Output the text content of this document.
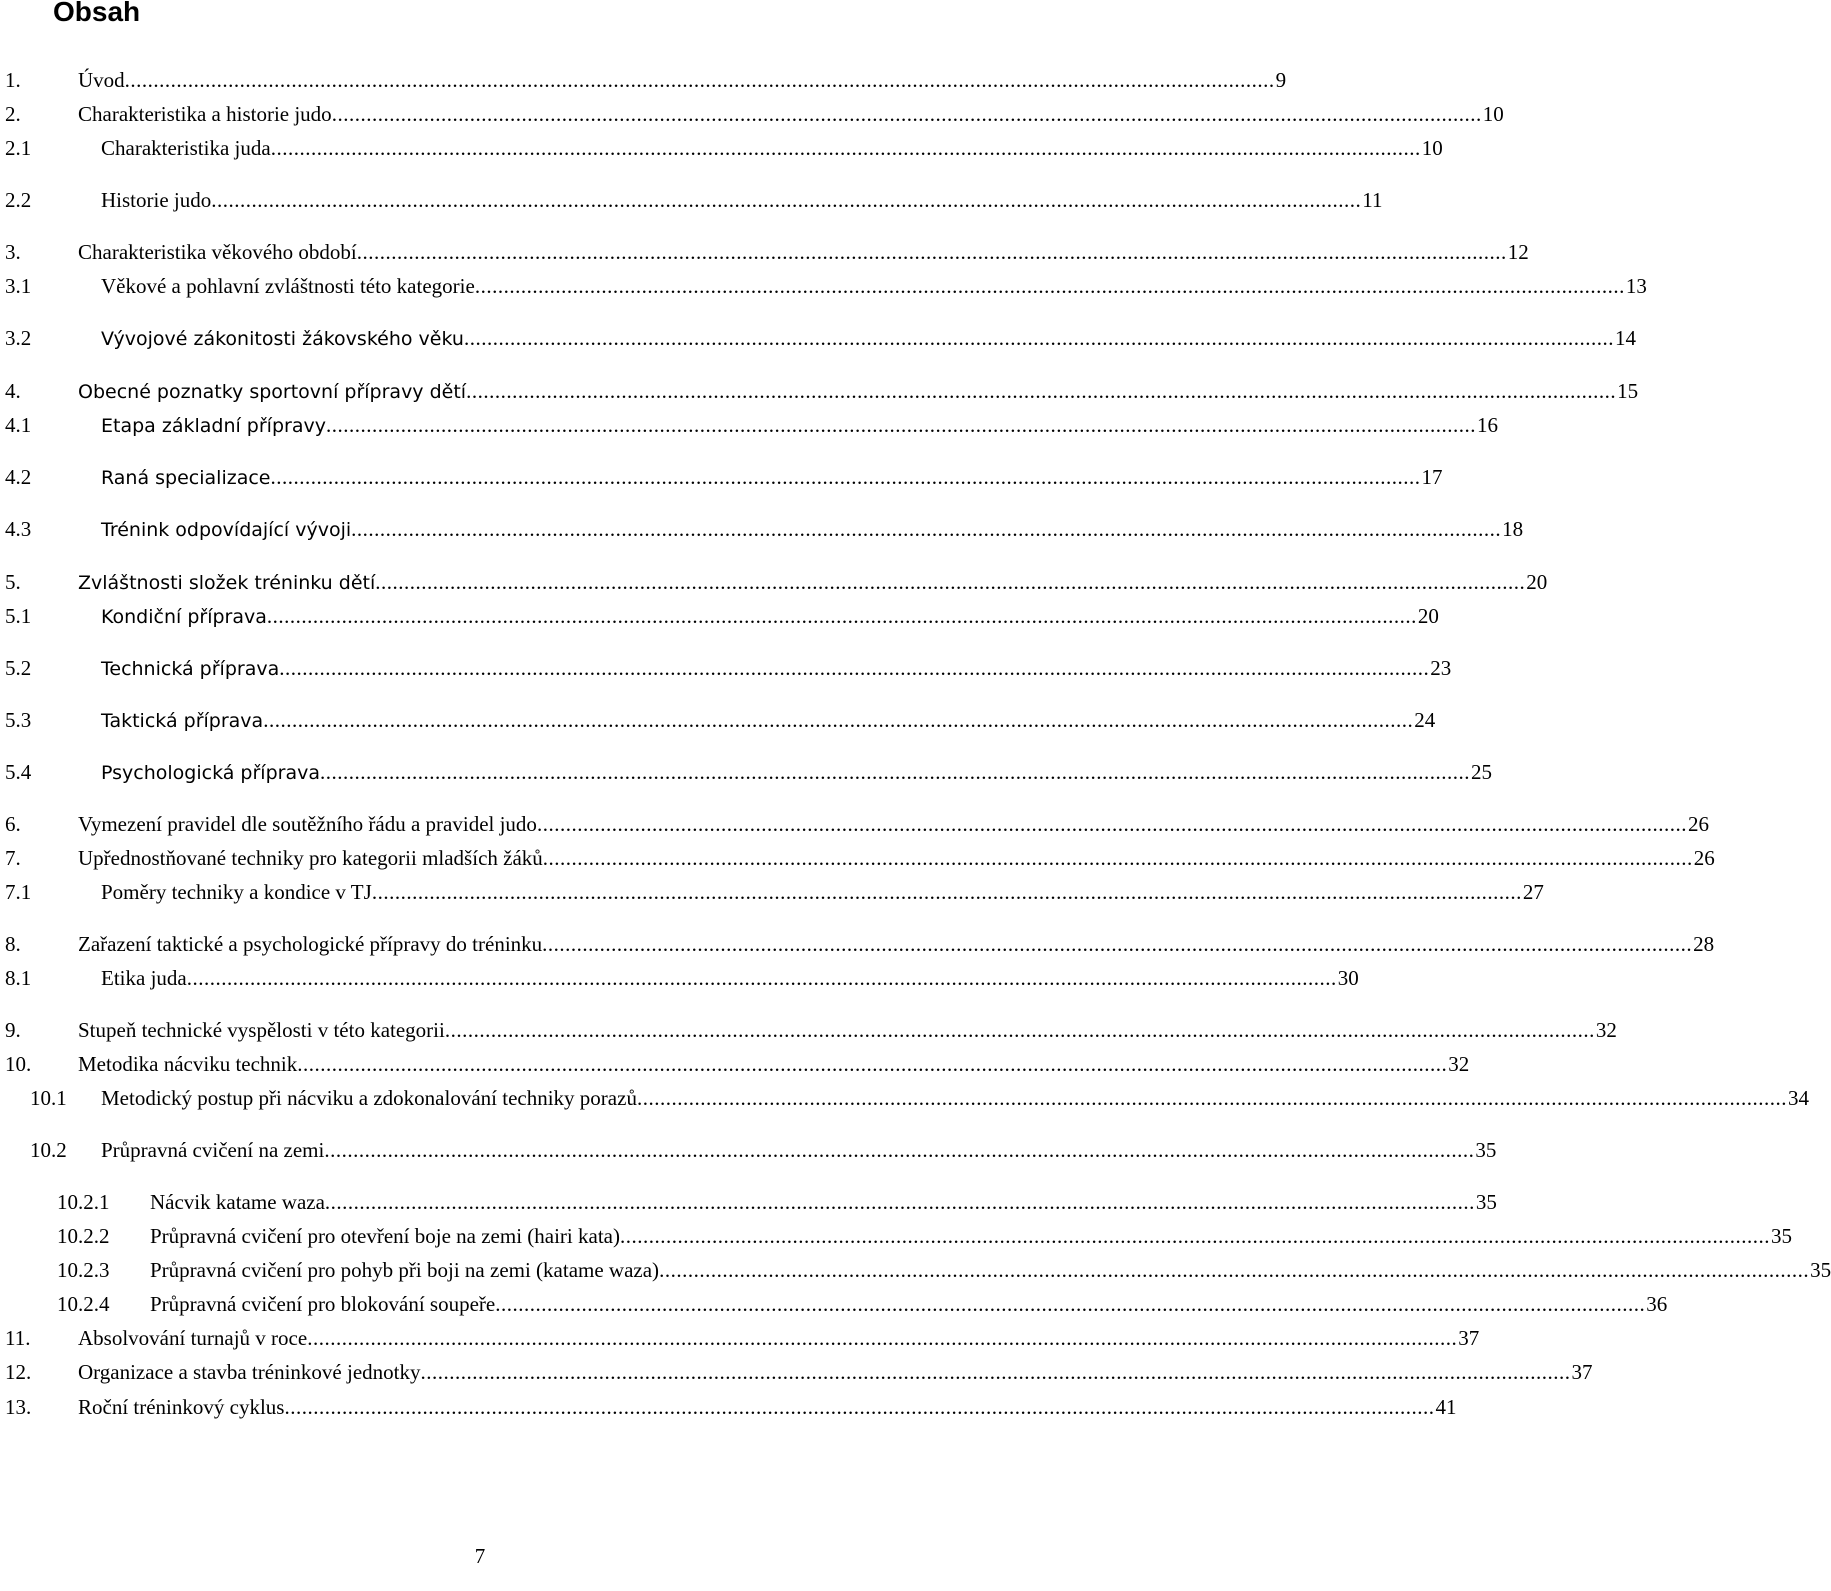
Obsah
1.	Úvod ........................................................................................................................................................................................................ 9
2.	Charakteristika a historie judo ........................................................................................................................................................................................................ 10
2.1	Charakteristika juda ........................................................................................................................................................................................................ 10
2.2	Historie judo ........................................................................................................................................................................................................ 11
3.	Charakteristika věkového období ........................................................................................................................................................................................................ 12
3.1	Věkové a pohlavní zvláštnosti této kategorie ........................................................................................................................................................................................................ 13
3.2	Vývojové zákonitosti žákovského věku ........................................................................................................................................................................................................ 14
4.	Obecné poznatky sportovní přípravy dětí ........................................................................................................................................................................................................ 15
4.1	Etapa základní přípravy ........................................................................................................................................................................................................ 16
4.2	Raná specializace ........................................................................................................................................................................................................ 17
4.3	Trénink odpovídající vývoji ........................................................................................................................................................................................................ 18
5.	Zvláštnosti složek tréninku dětí ........................................................................................................................................................................................................ 20
5.1	Kondiční příprava ........................................................................................................................................................................................................ 20
5.2	Technická příprava ........................................................................................................................................................................................................ 23
5.3	Taktická příprava ........................................................................................................................................................................................................ 24
5.4	Psychologická příprava ........................................................................................................................................................................................................ 25
6.	Vymezení pravidel dle soutěžního řádu a pravidel judo ........................................................................................................................................................................................................ 26
7.	Upřednostňované techniky pro kategorii mladších žáků ........................................................................................................................................................................................................ 26
7.1	Poměry techniky a kondice v TJ ........................................................................................................................................................................................................ 27
8.	Zařazení taktické a psychologické přípravy do tréninku ........................................................................................................................................................................................................ 28
8.1	Etika juda ........................................................................................................................................................................................................ 30
9.	Stupeň technické vyspělosti v této kategorii ........................................................................................................................................................................................................ 32
10. Metodika nácviku technik ........................................................................................................................................................................................................ 32
10.1 Metodický postup při nácviku a zdokonalování techniky porazů ........................................................................................................................................................................................................ 34
10.2 Průpravná cvičení na zemi ........................................................................................................................................................................................................ 35
10.2.1 Nácvik katame waza ........................................................................................................................................................................................................ 35
10.2.2 Průpravná cvičení pro otevření boje na zemi (hairi kata) ........................................................................................................................................................................................................ 35
10.2.3 Průpravná cvičení pro pohyb při boji na zemi (katame waza) ........................................................................................................................................................................................................ 35
10.2.4 Průpravná cvičení pro blokování soupeře ........................................................................................................................................................................................................ 36
11. Absolvování turnajů v roce ........................................................................................................................................................................................................ 37
12. Organizace a stavba tréninkové jednotky ........................................................................................................................................................................................................ 37
13. Roční tréninkový cyklus ........................................................................................................................................................................................................ 41
7
